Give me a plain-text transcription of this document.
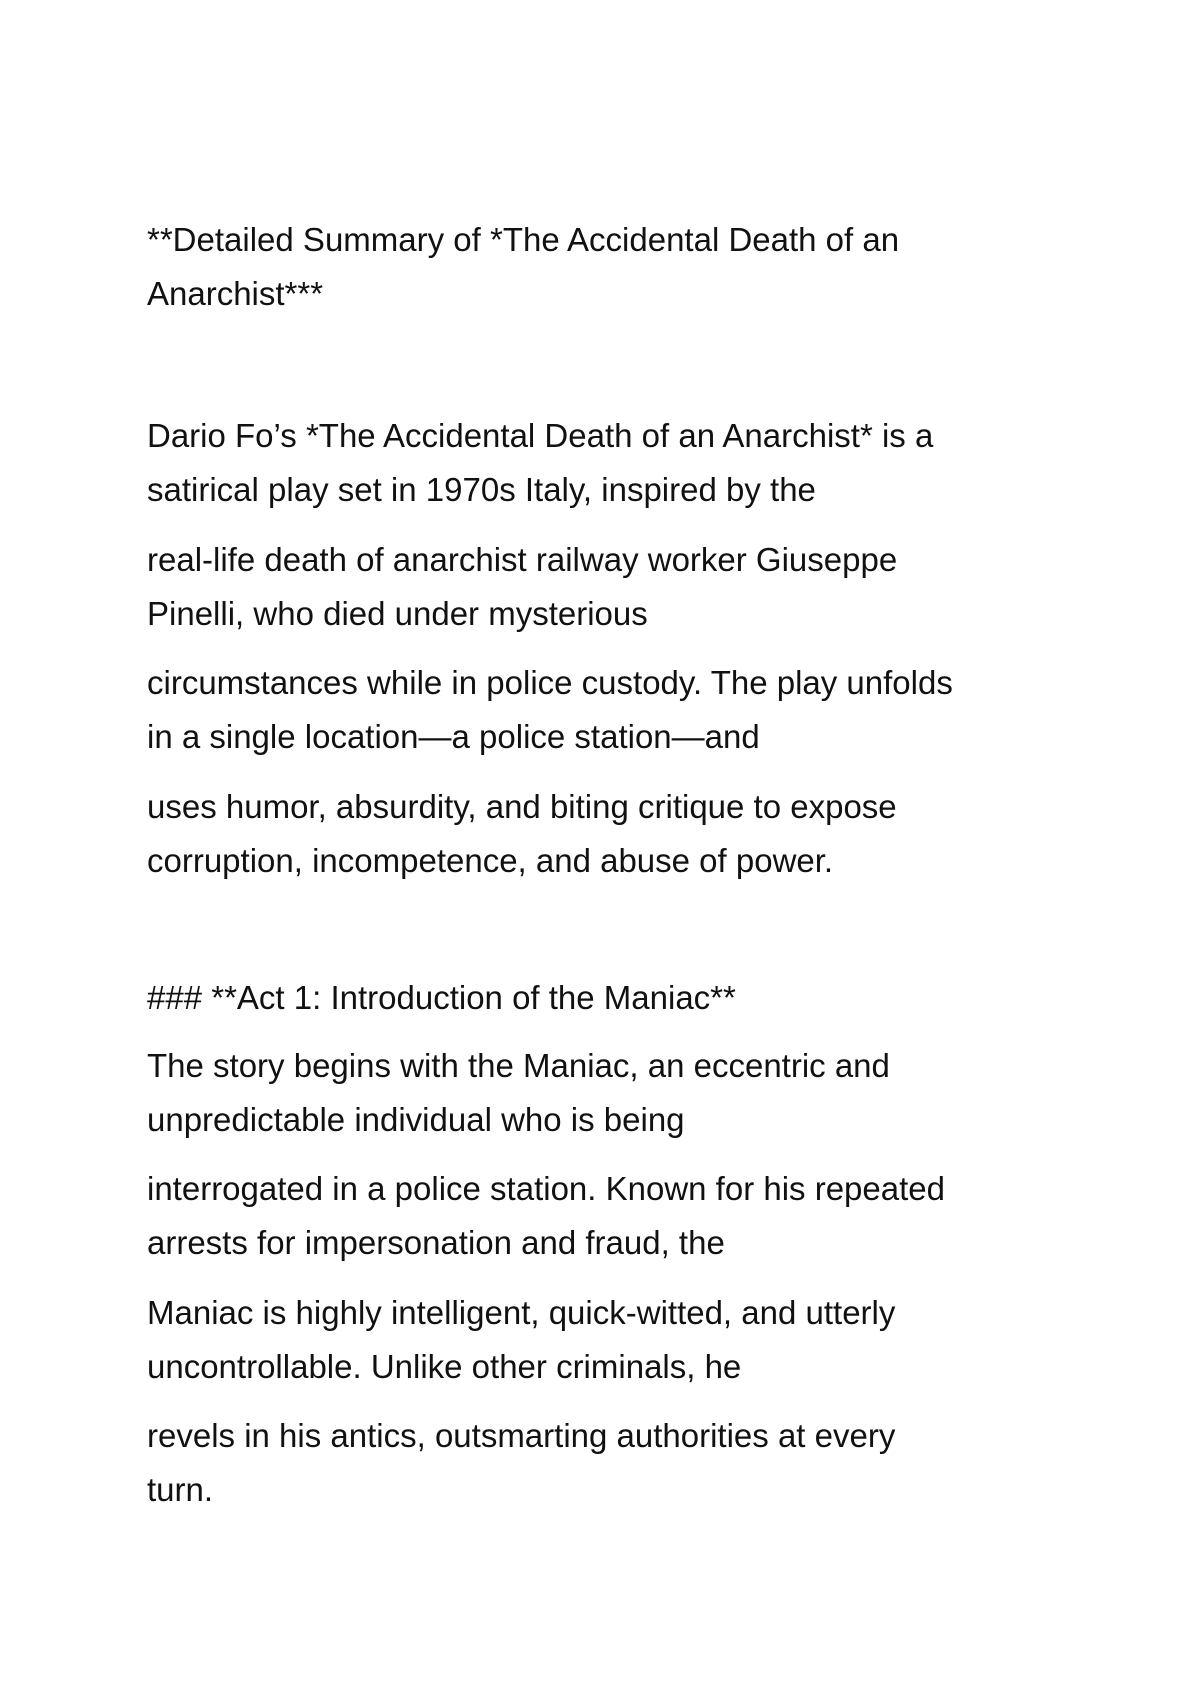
**Detailed Summary of *The Accidental Death of an

Anarchist***

Dario Fo’s *The Accidental Death of an Anarchist* is a

satirical play set in 1970s Italy, inspired by the

real-life death of anarchist railway worker Giuseppe

Pinelli, who died under mysterious

circumstances while in police custody. The play unfolds

in a single location—a police station—and

uses humor, absurdity, and biting critique to expose

corruption, incompetence, and abuse of power.

### **Act 1: Introduction of the Maniac**

The story begins with the Maniac, an eccentric and

unpredictable individual who is being

interrogated in a police station. Known for his repeated

arrests for impersonation and fraud, the

Maniac is highly intelligent, quick-witted, and utterly

uncontrollable. Unlike other criminals, he

revels in his antics, outsmarting authorities at every

turn.
